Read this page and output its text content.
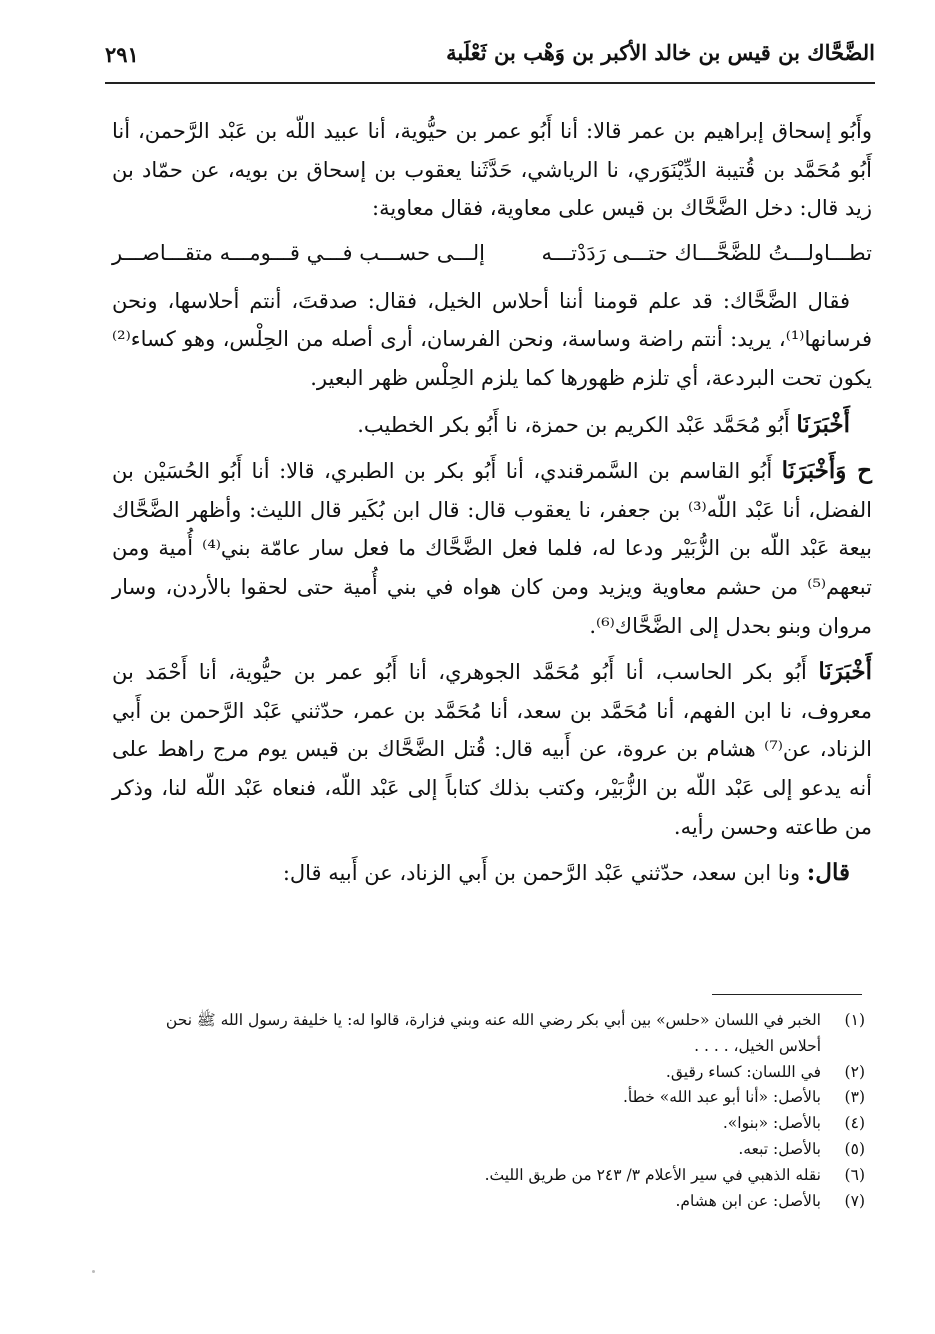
الضَّحَّاك بن قيس بن خالد الأكبر بن وَهْب بن ثَعْلَبة
٢٩١

وأَبُو إسحاق إبراهيم بن عمر قالا: أنا أَبُو عمر بن حيُّوية، أنا عبيد اللّه بن عَبْد الرَّحمن، أنا أَبُو مُحَمَّد بن قُتيبة الدِّيْنَوَري، نا الرياشي، حَدَّثَنا يعقوب بن إسحاق بن بويه، عن حمّاد بن زيد قال: دخل الضَّحَّاك بن قيس على معاوية، فقال معاوية:

تطـــاولـــتُ للضَّحَّـــاك حتـــى رَدَدْتـــه
إلـــى حســـب فـــي قـــومـــه متقـــاصـــر

فقال الضَّحَّاك: قد علم قومنا أننا أحلاس الخيل، فقال: صدقتَ، أنتم أحلاسها، ونحن فرسانها⁽¹⁾، يريد: أنتم راضة وساسة، ونحن الفرسان، أرى أصله من الحِلْس، وهو كساء⁽²⁾ يكون تحت البردعة، أي تلزم ظهورها كما يلزم الحِلْس ظهر البعير.

أَخْبَرَنَا أَبُو مُحَمَّد عَبْد الكريم بن حمزة، نا أَبُو بكر الخطيب.

ح وَأَخْبَرَنَا أَبُو القاسم بن السَّمرقندي، أنا أَبُو بكر بن الطبري، قالا: أنا أَبُو الحُسَيْن بن الفضل، أنا عَبْد اللّه⁽³⁾ بن جعفر، نا يعقوب قال: قال ابن بُكَير قال الليث: وأظهر الضَّحَّاك بيعة عَبْد اللّه بن الزُّبَيْر ودعا له، فلما فعل الضَّحَّاك ما فعل سار عامّة بني⁽⁴⁾ أُمية ومن تبعهم⁽⁵⁾ من حشم معاوية ويزيد ومن كان هواه في بني أُمية حتى لحقوا بالأردن، وسار مروان وبنو بحدل إلى الضَّحَّاك⁽⁶⁾.

أَخْبَرَنَا أَبُو بكر الحاسب، أنا أَبُو مُحَمَّد الجوهري، أنا أَبُو عمر بن حيُّوية، أنا أَحْمَد بن معروف، نا ابن الفهم، أنا مُحَمَّد بن سعد، أنا مُحَمَّد بن عمر، حدّثني عَبْد الرَّحمن بن أَبي الزناد، عن⁽⁷⁾ هشام بن عروة، عن أَبيه قال: قُتل الضَّحَّاك بن قيس يوم مرج راهط على أنه يدعو إلى عَبْد اللّه بن الزُّبَيْر، وكتب بذلك كتاباً إلى عَبْد اللّه، فنعاه عَبْد اللّه لنا، وذكر من طاعته وحسن رأيه.

قال: ونا ابن سعد، حدّثني عَبْد الرَّحمن بن أَبي الزناد، عن أَبيه قال:

(١)
الخبر في اللسان «حلس» بين أبي بكر رضي الله عنه وبني فزارة، قالوا له: يا خليفة رسول الله ﷺ نحن أحلاس الخيل، . . . .
(٢)
في اللسان: كساء رقيق.
(٣)
بالأصل: «أنا أبو عبد الله» خطأ.
(٤)
بالأصل: «بنوا».
(٥)
بالأصل: تبعه.
(٦)
نقله الذهبي في سير الأعلام ٣/ ٢٤٣ من طريق الليث.
(٧)
بالأصل: عن ابن هشام.
